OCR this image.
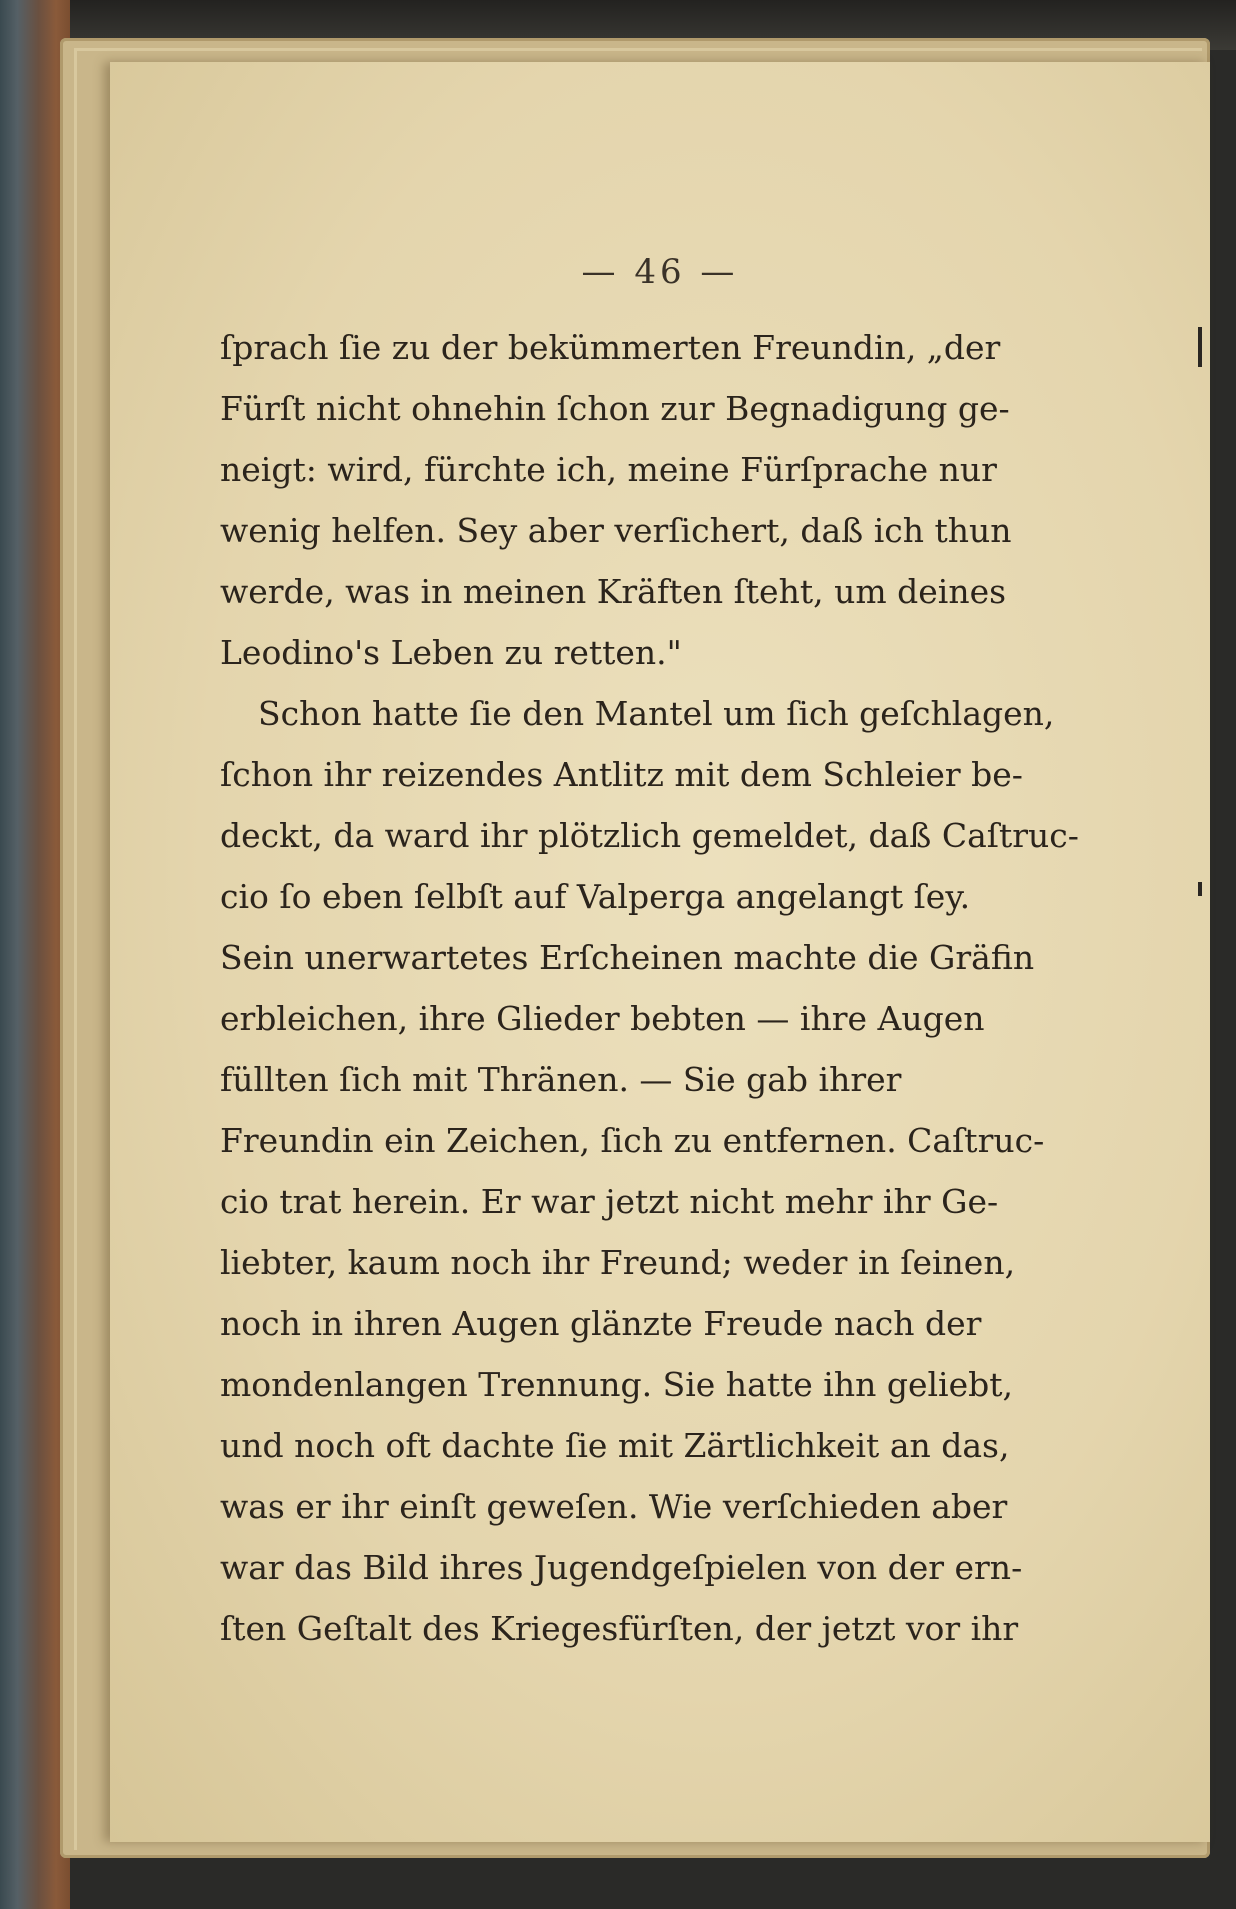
— 46 —
ſprach ſie zu der bekümmerten Freundin, „der
Fürſt nicht ohnehin ſchon zur Begnadigung ge-
neigt: wird, fürchte ich, meine Fürſprache nur
wenig helfen. Sey aber verſichert, daß ich thun
werde, was in meinen Kräften ſteht, um deines
Leodino's Leben zu retten."
Schon hatte ſie den Mantel um ſich geſchlagen,
ſchon ihr reizendes Antlitz mit dem Schleier be-
deckt, da ward ihr plötzlich gemeldet, daß Caſtruc-
cio ſo eben ſelbſt auf Valperga angelangt ſey.
Sein unerwartetes Erſcheinen machte die Gräfin
erbleichen, ihre Glieder bebten — ihre Augen
füllten ſich mit Thränen. — Sie gab ihrer
Freundin ein Zeichen, ſich zu entfernen. Caſtruc-
cio trat herein. Er war jetzt nicht mehr ihr Ge-
liebter, kaum noch ihr Freund; weder in ſeinen,
noch in ihren Augen glänzte Freude nach der
mondenlangen Trennung. Sie hatte ihn geliebt,
und noch oft dachte ſie mit Zärtlichkeit an das,
was er ihr einſt geweſen. Wie verſchieden aber
war das Bild ihres Jugendgeſpielen von der ern-
ſten Geſtalt des Kriegesfürſten, der jetzt vor ihr
